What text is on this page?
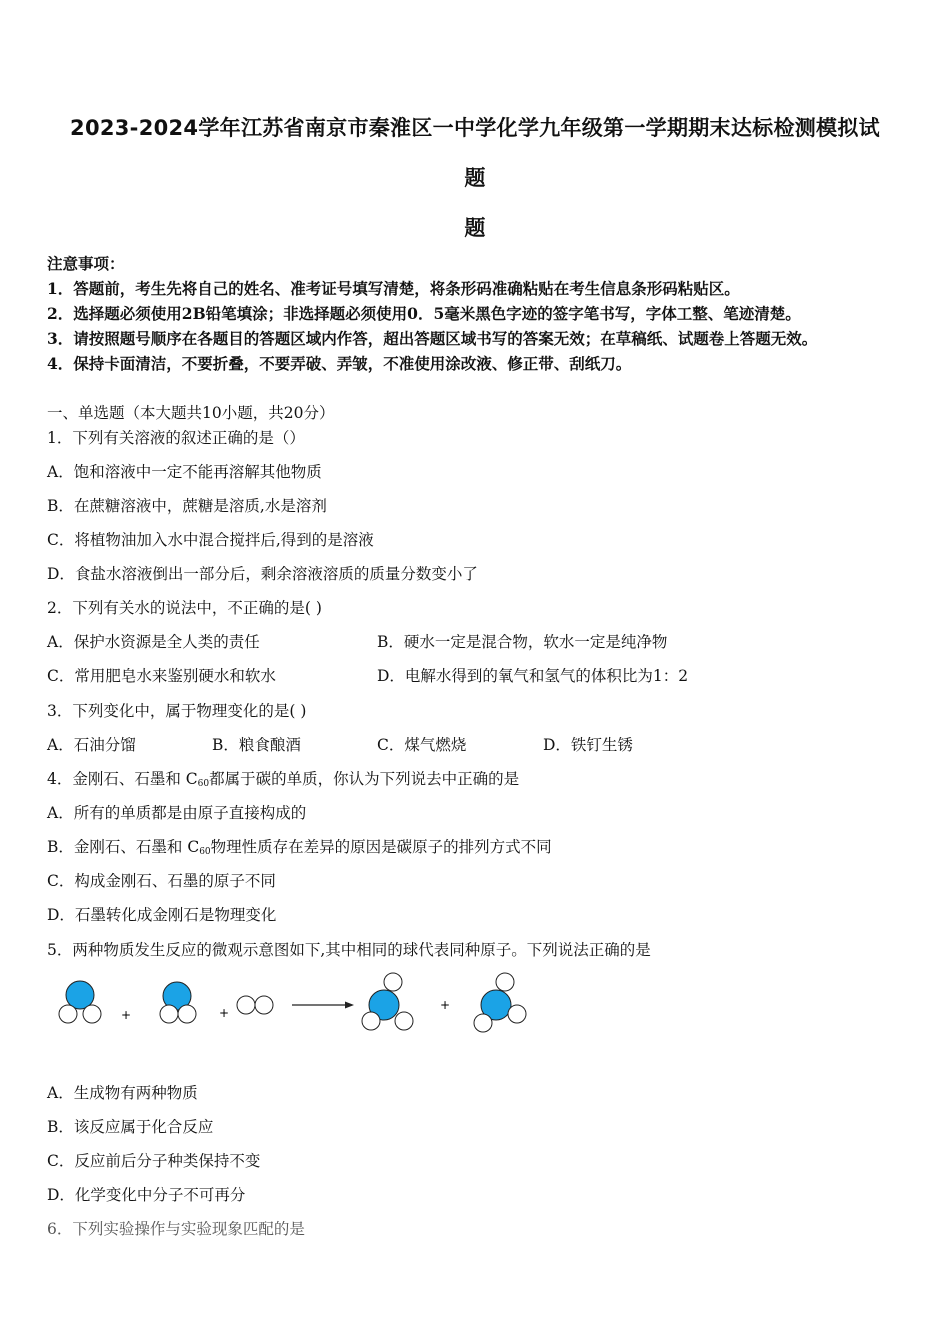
2023-2024学年江苏省南京市秦淮区一中学化学九年级第一学期期末达标检测模拟试
题
题
注意事项：
1．答题前，考生先将自己的姓名、准考证号填写清楚，将条形码准确粘贴在考生信息条形码粘贴区。
2．选择题必须使用2B铅笔填涂；非选择题必须使用0．5毫米黑色字迹的签字笔书写，字体工整、笔迹清楚。
3．请按照题号顺序在各题目的答题区域内作答，超出答题区域书写的答案无效；在草稿纸、试题卷上答题无效。
4．保持卡面清洁，不要折叠，不要弄破、弄皱，不准使用涂改液、修正带、刮纸刀。
一、单选题（本大题共10小题，共20分）
1．下列有关溶液的叙述正确的是（）
A．饱和溶液中一定不能再溶解其他物质
B．在蔗糖溶液中，蔗糖是溶质,水是溶剂
C．将植物油加入水中混合搅拌后,得到的是溶液
D．食盐水溶液倒出一部分后，剩余溶液溶质的质量分数变小了
2．下列有关水的说法中，不正确的是( )
A．保护水资源是全人类的责任	B．硬水一定是混合物，软水一定是纯净物
C．常用肥皂水来鉴别硬水和软水	D．电解水得到的氧气和氢气的体积比为1：2
3．下列变化中，属于物理变化的是( )
A．石油分馏	B．粮食酿酒	C．煤气燃烧	D．铁钉生锈
4．金刚石、石墨和 $C_{60}$都属于碳的单质，你认为下列说去中正确的是
A．所有的单质都是由原子直接构成的
B．金刚石、石墨和 $C_{60}$物理性质存在差异的原因是碳原子的排列方式不同
C．构成金刚石、石墨的原子不同
D．石墨转化成金刚石是物理变化
5．两种物质发生反应的微观示意图如下,其中相同的球代表同种原子。下列说法正确的是
+	+
+
A．生成物有两种物质
B．该反应属于化合反应
C．反应前后分子种类保持不变
D．化学变化中分子不可再分
6．下列实验操作与实验现象匹配的是
